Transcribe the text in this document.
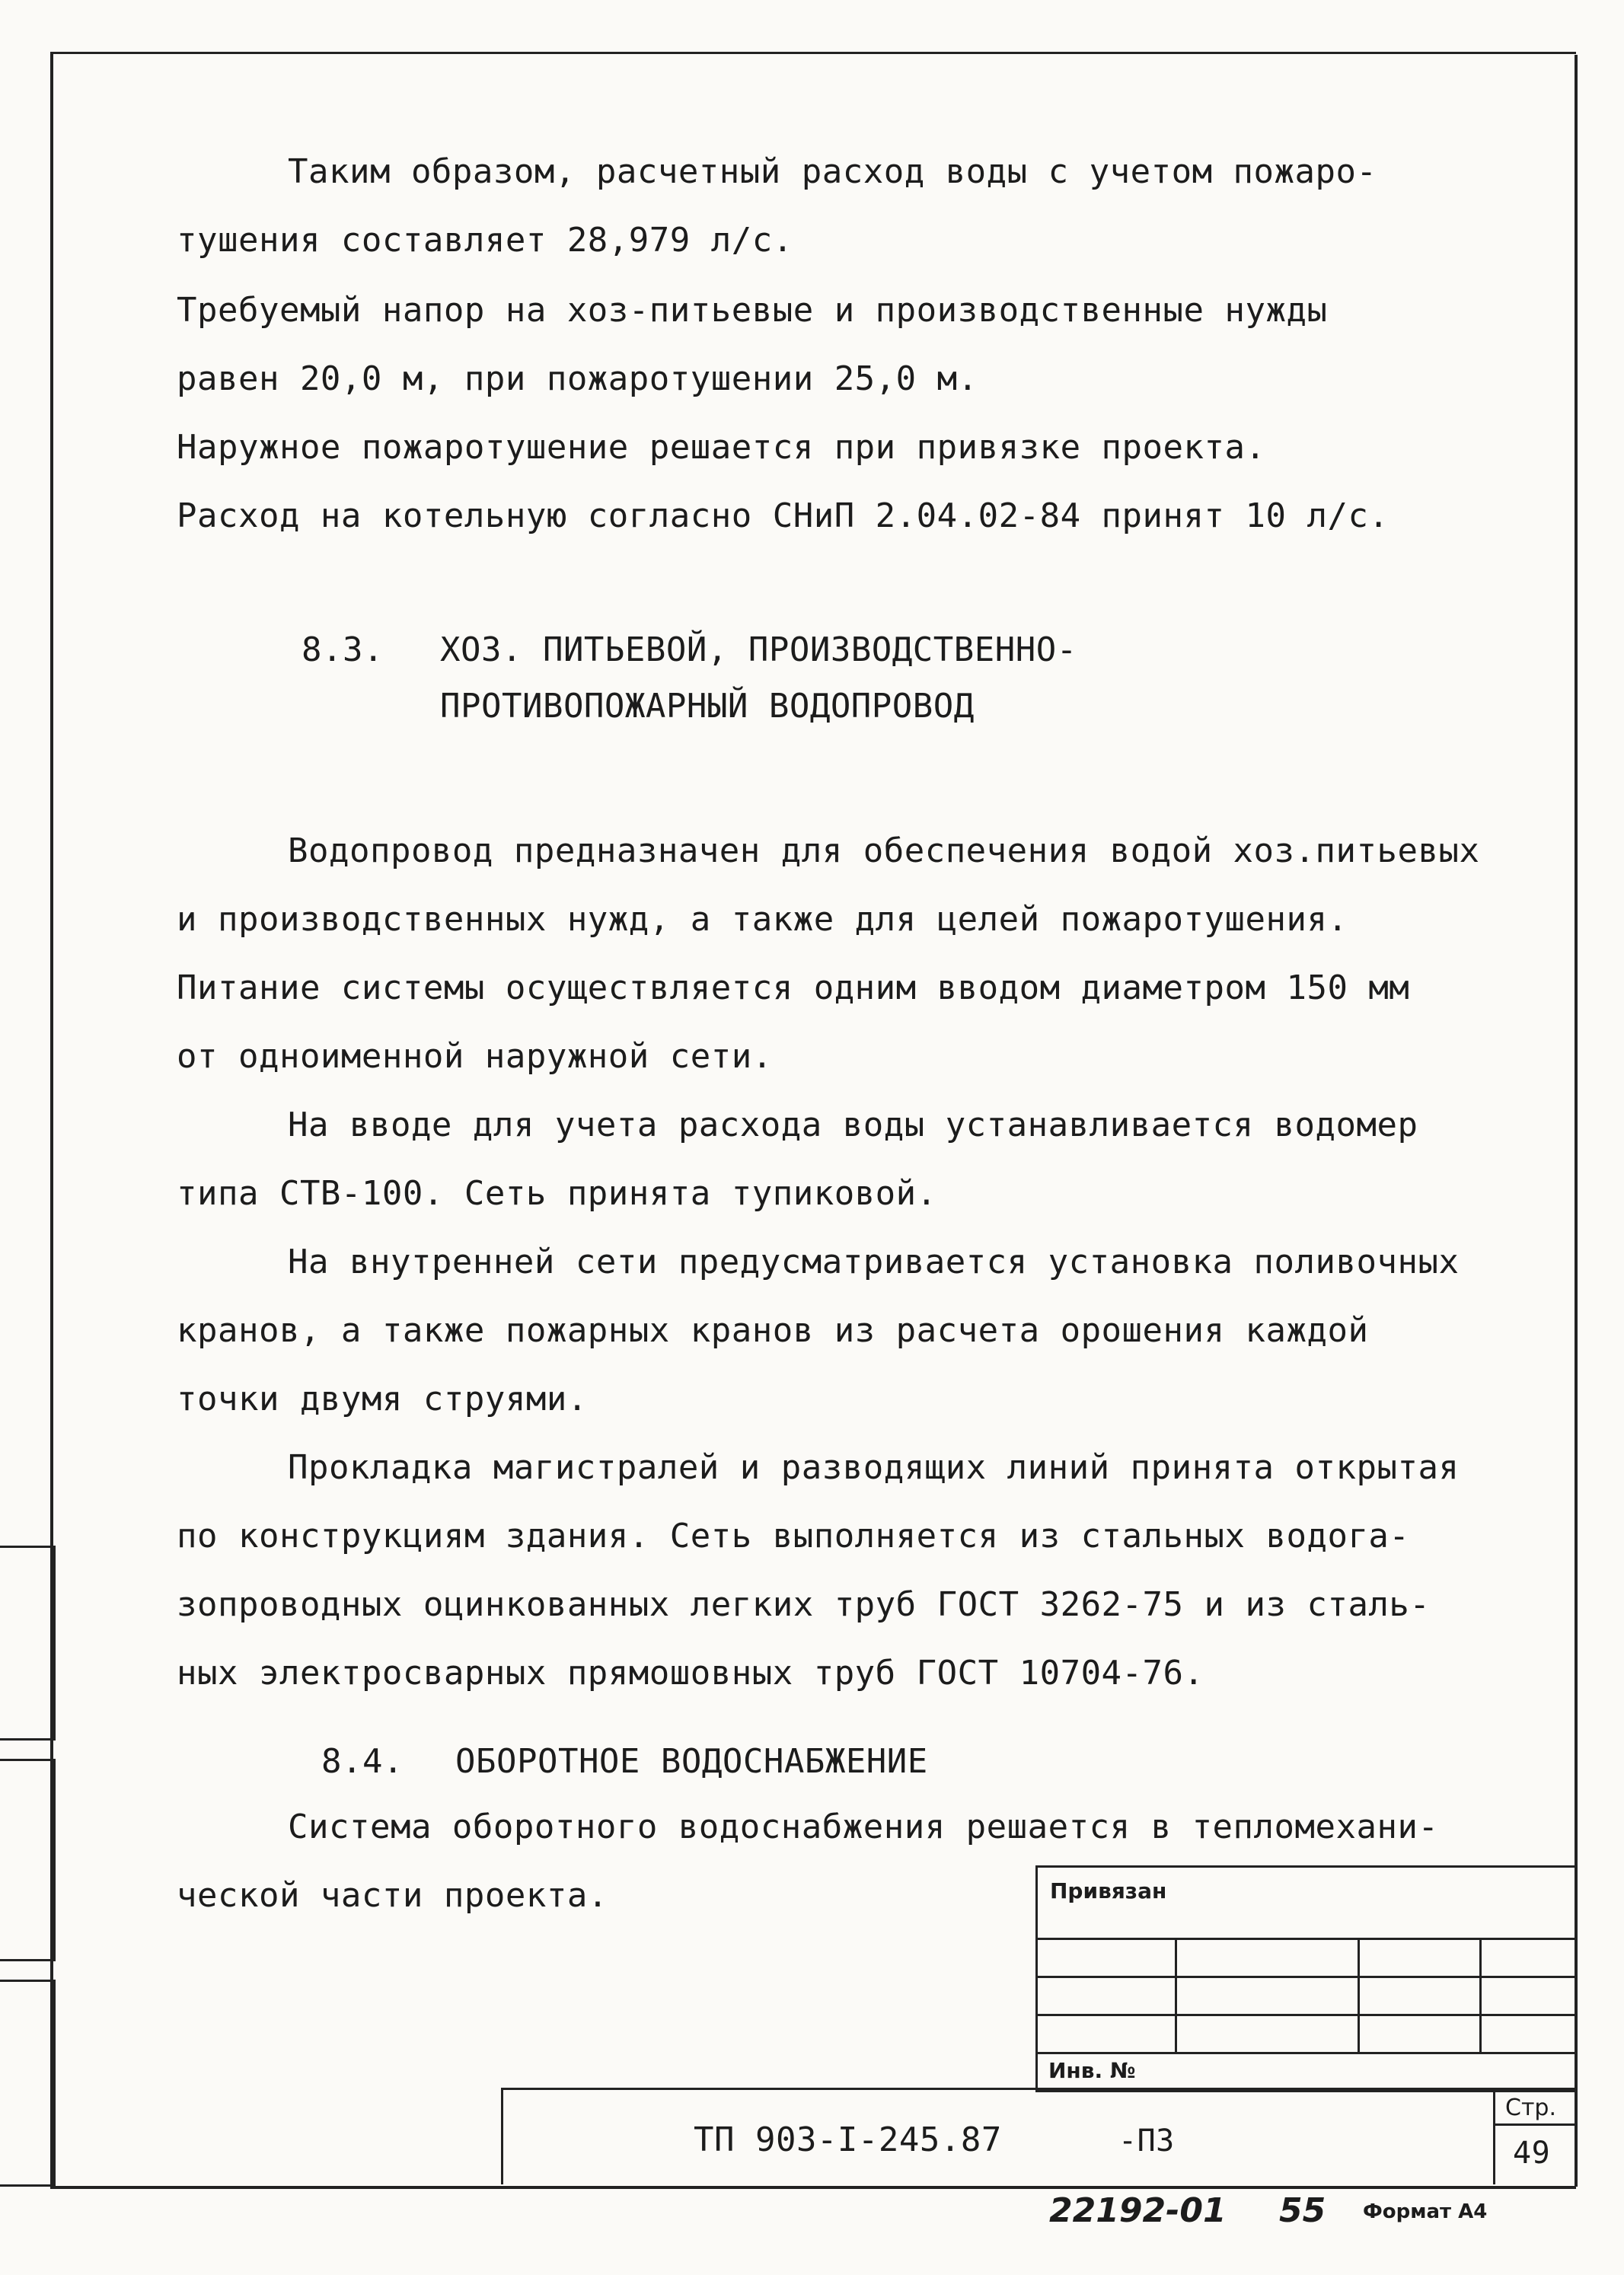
Таким образом, расчетный расход воды с учетом пожаро-
тушения составляет 28,979 л/с.
Требуемый напор на хоз-питьевые и производственные нужды
равен 20,0 м, при пожаротушении 25,0 м.
Наружное пожаротушение решается при привязке проекта.
Расход на котельную согласно СНиП 2.04.02-84 принят 10 л/с.
8.3.	ХОЗ. ПИТЬЕВОЙ, ПРОИЗВОДСТВЕННО-
ПРОТИВОПОЖАРНЫЙ ВОДОПРОВОД
Водопровод предназначен для обеспечения водой хоз.питьевых
и производственных нужд, а также для целей пожаротушения.
Питание системы осуществляется одним вводом диаметром 150 мм
от одноименной наружной сети.
На вводе для учета расхода воды устанавливается водомер
типа СТВ-100. Сеть принята тупиковой.
На внутренней сети предусматривается установка поливочных
кранов, а также пожарных кранов из расчета орошения каждой
точки двумя струями.
Прокладка магистралей и разводящих линий принята открытая
по конструкциям здания. Сеть выполняется из стальных водога-
зопроводных оцинкованных легких труб ГОСТ 3262-75 и из сталь-
ных электросварных прямошовных труб ГОСТ 10704-76.
8.4.	ОБОРОТНОЕ ВОДОСНАБЖЕНИЕ
Система оборотного водоснабжения решается в тепломехани-
ческой части проекта.	Привязан
Инв. №
ТП 903-I-245.87	-ПЗ
Стр.
49
22192-01 55 Формат А4
